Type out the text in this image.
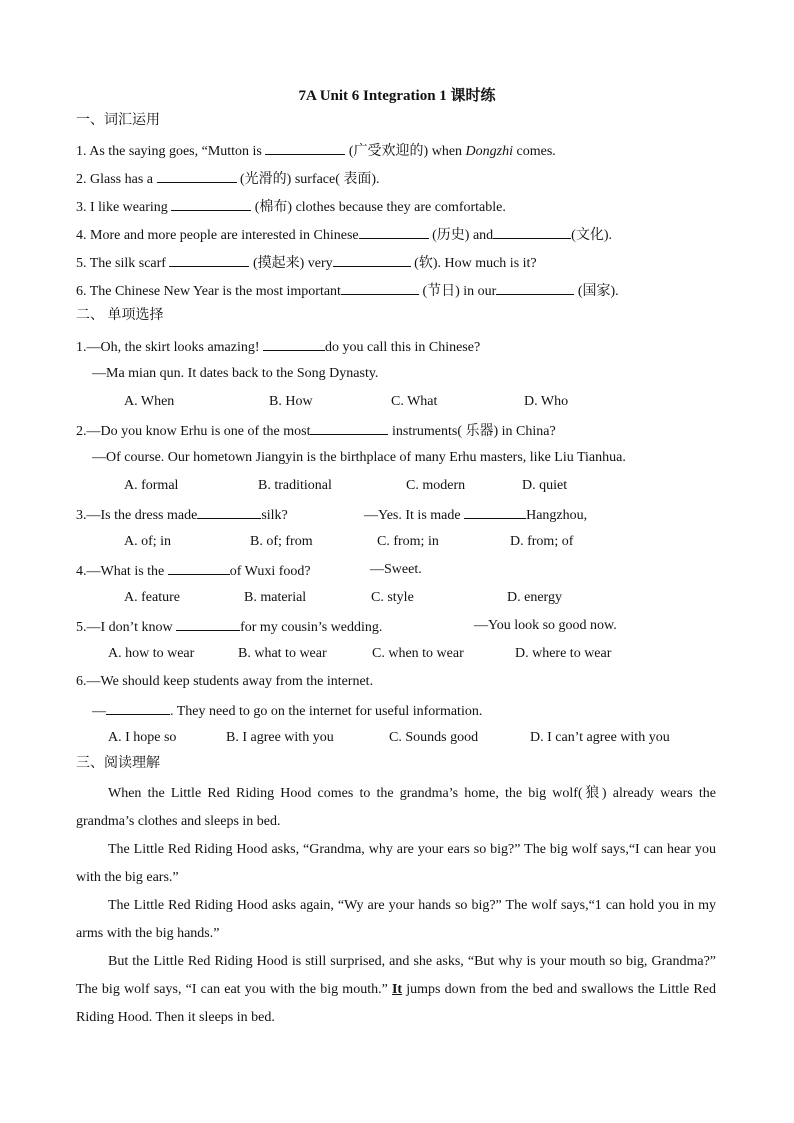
7A Unit 6 Integration 1 课时练
一、词汇运用
1. As the saying goes, “Mutton is	(广受欢迎的) when Dongzhi comes.
2. Glass has a	(光滑的) surface( 表面).
3. I like wearing	(棉布) clothes because they are comfortable.
4. More and more people are interested in Chinese	(历史) and	(文化).
5. The silk scarf	(摸起来) very	(软). How much is it?
6. The Chinese New Year is the most important	(节日) in our	(国家).
二、 单项选择
1.—Oh, the skirt looks amazing!	do you call this in Chinese?
—Ma mian qun. It dates back to the Song Dynasty.
A. When	B. How	C. What	D. Who
2.—Do you know Erhu is one of the most	instruments( 乐器) in China?
—Of course. Our hometown Jiangyin is the birthplace of many Erhu masters, like Liu Tianhua.
A. formal	B. traditional	C. modern	D. quiet
3.—Is the dress made	silk?	—Yes. It is made	Hangzhou,
A. of; in	B. of; from	C. from; in	D. from; of
4.—What is the	of Wuxi food?	—Sweet.
A. feature	B. material	C. style	D. energy
5.—I don’t know	for my cousin’s wedding.	—You look so good now.
A. how to wear	B. what to wear	C. when to wear	D. where to wear
6.—We should keep students away from the internet.
—	. They need to go on the internet for useful information.
A. I hope so	B. I agree with you	C. Sounds good	D. I can’t agree with you
三、阅读理解
When the Little Red Riding Hood comes to the grandma’s home, the big wolf(狼) already wears the grandma’s clothes and sleeps in bed.
The Little Red Riding Hood asks, “Grandma, why are your ears so big?” The big wolf says,“I can hear you with the big ears.”
The Little Red Riding Hood asks again, “Wy are your hands so big?” The wolf says,“1 can hold you in my arms with the big hands.”
But the Little Red Riding Hood is still surprised, and she asks, “But why is your mouth so big, Grandma?” The big wolf says, “I can eat you with the big mouth.” It jumps down from the bed and swallows the Little Red Riding Hood. Then it sleeps in bed.
